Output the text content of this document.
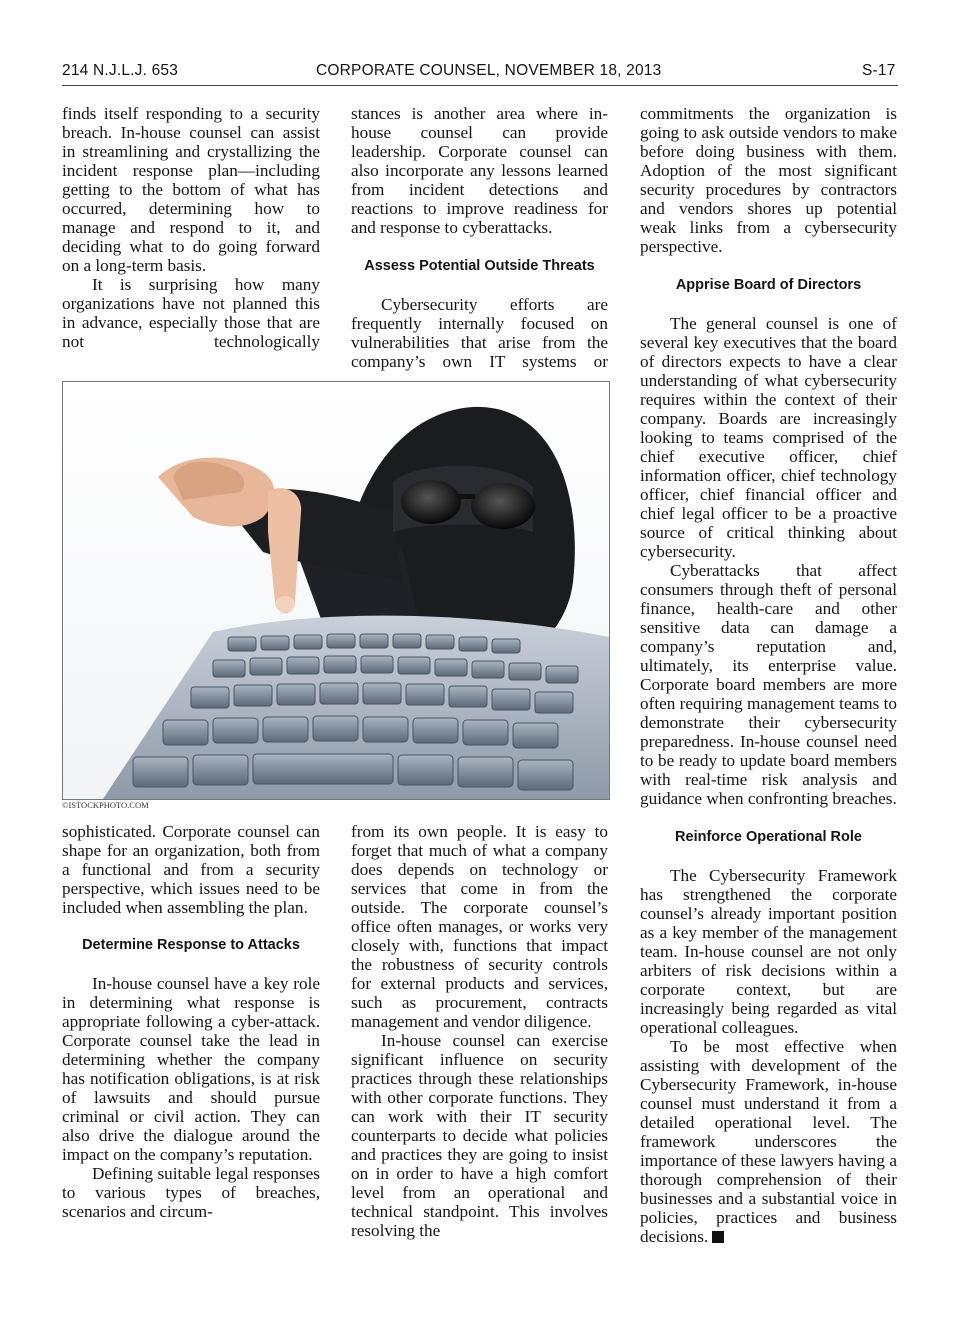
214 N.J.L.J. 653	CORPORATE COUNSEL, NOVEMBER 18, 2013	S-17

finds itself responding to a security breach. In-house counsel can assist in streamlining and crystallizing the incident response plan—including getting to the bottom of what has occurred, determining how to manage and respond to it, and deciding what to do going forward on a long-term basis.

It is surprising how many organizations have not planned this in advance, especially those that are not technologically

stances is another area where in-house counsel can provide leadership. Corporate counsel can also incorporate any lessons learned from incident detections and reactions to improve readiness for and response to cyberattacks.

Assess Potential Outside Threats

Cybersecurity efforts are frequently internally focused on vulnerabilities that arise from the company’s own IT systems or

©ISTOCKPHOTO.COM

sophisticated. Corporate counsel can shape for an organization, both from a functional and from a security perspective, which issues need to be included when assembling the plan.

Determine Response to Attacks

In-house counsel have a key role in determining what response is appropriate following a cyber-attack. Corporate counsel take the lead in determining whether the company has notification obligations, is at risk of lawsuits and should pursue criminal or civil action. They can also drive the dialogue around the impact on the company’s reputation.

Defining suitable legal responses to various types of breaches, scenarios and circum-

from its own people. It is easy to forget that much of what a company does depends on technology or services that come in from the outside. The corporate counsel’s office often manages, or works very closely with, functions that impact the robustness of security controls for external products and services, such as procurement, contracts management and vendor diligence.

In-house counsel can exercise significant influence on security practices through these relationships with other corporate functions. They can work with their IT security counterparts to decide what policies and practices they are going to insist on in order to have a high comfort level from an operational and technical standpoint. This involves resolving the

commitments the organization is going to ask outside vendors to make before doing business with them. Adoption of the most significant security procedures by contractors and vendors shores up potential weak links from a cybersecurity perspective.

Apprise Board of Directors

The general counsel is one of several key executives that the board of directors expects to have a clear understanding of what cybersecurity requires within the context of their company. Boards are increasingly looking to teams comprised of the chief executive officer, chief information officer, chief technology officer, chief financial officer and chief legal officer to be a proactive source of critical thinking about cybersecurity.

Cyberattacks that affect consumers through theft of personal finance, health-care and other sensitive data can damage a company’s reputation and, ultimately, its enterprise value. Corporate board members are more often requiring management teams to demonstrate their cybersecurity preparedness. In-house counsel need to be ready to update board members with real-time risk analysis and guidance when confronting breaches.

Reinforce Operational Role

The Cybersecurity Framework has strengthened the corporate counsel’s already important position as a key member of the management team. In-house counsel are not only arbiters of risk decisions within a corporate context, but are increasingly being regarded as vital operational colleagues.

To be most effective when assisting with development of the Cybersecurity Framework, in-house counsel must understand it from a detailed operational level. The framework underscores the importance of these lawyers having a thorough comprehension of their businesses and a substantial voice in policies, practices and business decisions.
